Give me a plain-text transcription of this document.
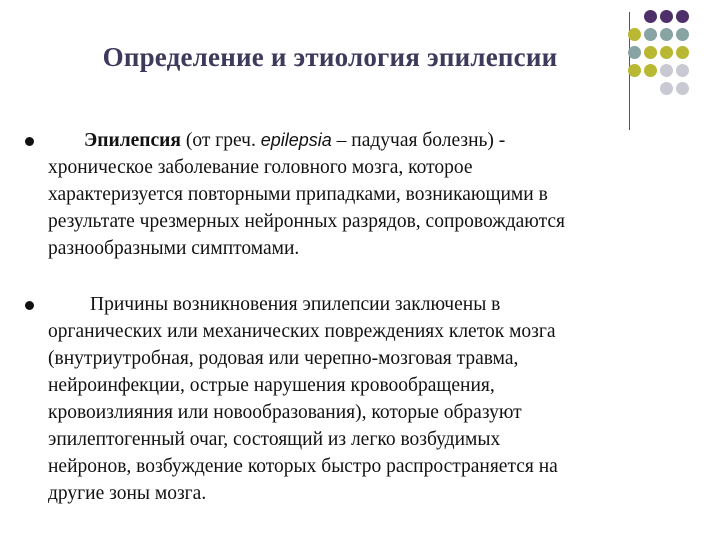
Определение и этиология эпилепсии

Эпилепсия (от греч. epilepsia – падучая болезнь) -
хроническое заболевание головного мозга, которое
характеризуется повторными припадками, возникающими в
результате чрезмерных нейронных разрядов, сопровождаются
разнообразными симптомами.

Причины возникновения эпилепсии заключены в
органических или механических повреждениях клеток мозга
(внутриутробная, родовая или черепно-мозговая травма,
нейроинфекции, острые нарушения кровообращения,
кровоизлияния или новообразования), которые образуют
эпилептогенный очаг, состоящий из легко возбудимых
нейронов, возбуждение которых быстро распространяется на
другие зоны мозга.
